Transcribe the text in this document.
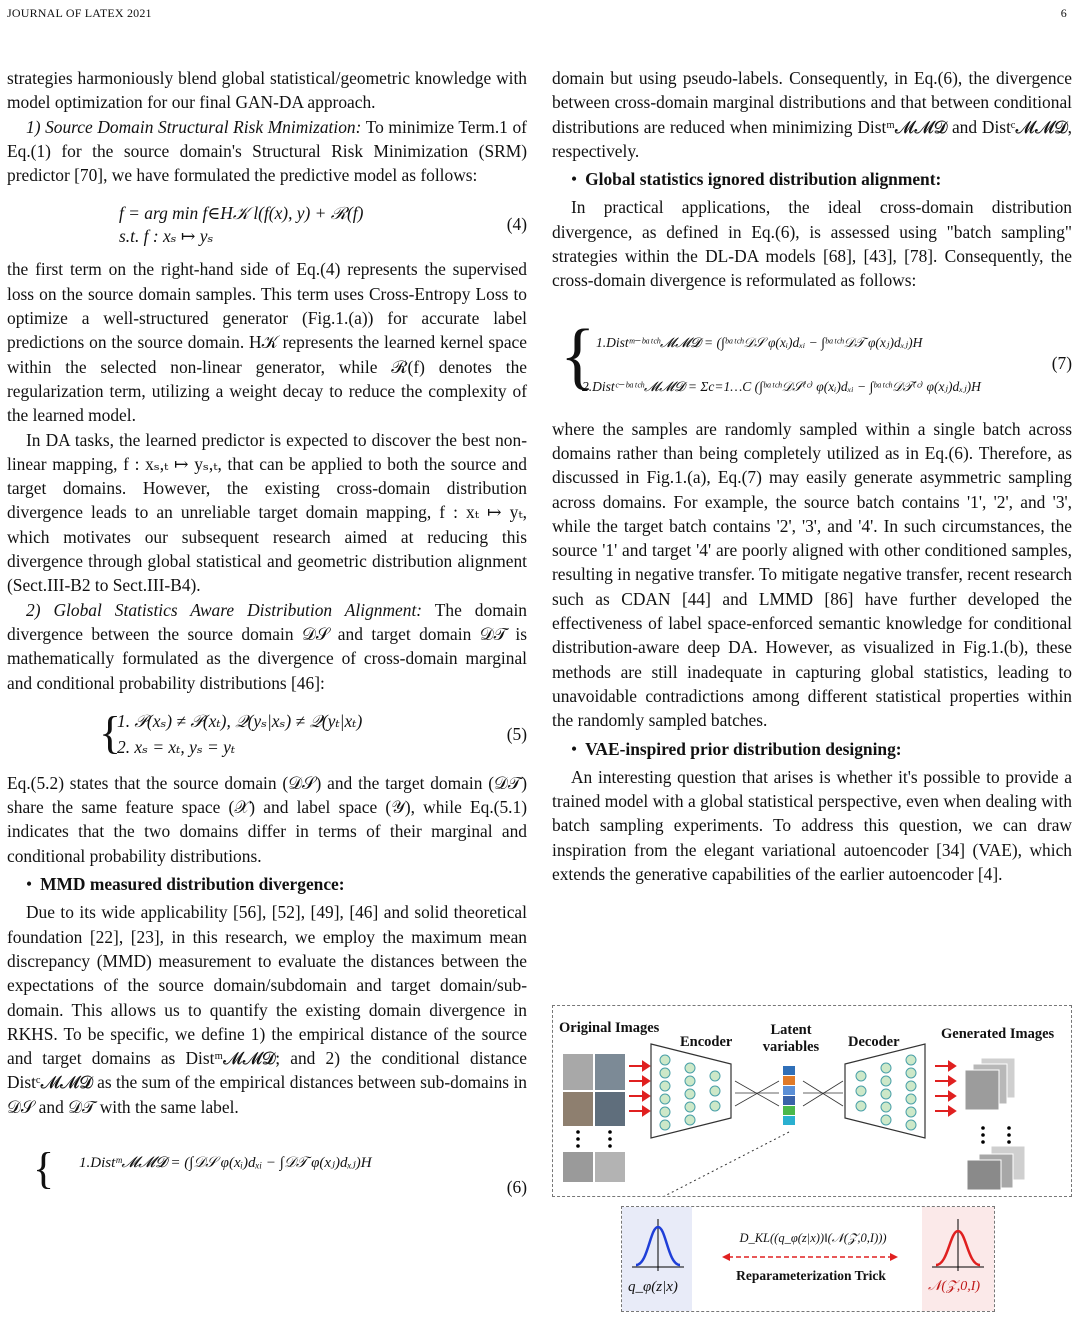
JOURNAL OF LATEX 2021	6

strategies harmoniously blend global statistical/geometric knowledge with model optimization for our final GAN-DA approach.

1) Source Domain Structural Risk Mnimization: To minimize Term.1 of Eq.(1) for the source domain's Structural Risk Minimization (SRM) predictor [70], we have formulated the predictive model as follows:

f = arg min f∈H𝒦 l(f(x), y) + ℛ(f)
s.t. f : xₛ ↦ yₛ
(4)

the first term on the right-hand side of Eq.(4) represents the supervised loss on the source domain samples. This term uses Cross-Entropy Loss to optimize a well-structured generator (Fig.1.(a)) for accurate label predictions on the source domain. H𝒦 represents the learned kernel space within the selected non-linear generator, while ℛ(f) denotes the regularization term, utilizing a weight decay to reduce the complexity of the learned model.

In DA tasks, the learned predictor is expected to discover the best non-linear mapping, f : xₛ,ₜ ↦ yₛ,ₜ, that can be applied to both the source and target domains. However, the existing cross-domain distribution divergence leads to an unreliable target domain mapping, f : xₜ ↦ yₜ, which motivates our subsequent research aimed at reducing this divergence through global statistical and geometric distribution alignment (Sect.III-B2 to Sect.III-B4).

2) Global Statistics Aware Distribution Alignment: The domain divergence between the source domain 𝒟𝒮 and target domain 𝒟𝒯 is mathematically formulated as the divergence of cross-domain marginal and conditional probability distributions [46]:

{
1. 𝒫(xₛ) ≠ 𝒫(xₜ), 𝒬(yₛ|xₛ) ≠ 𝒬(yₜ|xₜ)
2. xₛ = xₜ, yₛ = yₜ
(5)

Eq.(5.2) states that the source domain (𝒟𝒮) and the target domain (𝒟𝒯) share the same feature space (𝒳) and label space (𝒴), while Eq.(5.1) indicates that the two domains differ in terms of their marginal and conditional probability distributions.

• MMD measured distribution divergence:

Due to its wide applicability [56], [52], [49], [46] and solid theoretical foundation [22], [23], in this research, we employ the maximum mean discrepancy (MMD) measurement to evaluate the distances between the expectations of the source domain/subdomain and target domain/sub-domain. This allows us to quantify the existing domain divergence in RKHS. To be specific, we define 1) the empirical distance of the source and target domains as Distᵐ𝓜𝓜𝓓; and 2) the conditional distance Distᶜ𝓜𝓜𝓓 as the sum of the empirical distances between sub-domains in 𝒟𝒮 and 𝒟𝒯 with the same label.

{ 1.Distᵐ𝓜𝓜𝓓 = (∫𝒟𝒮 φ(xᵢ)dₓᵢ − ∫𝒟𝒯 φ(xⱼ)dₓⱼ)H
(6)

domain but using pseudo-labels. Consequently, in Eq.(6), the divergence between cross-domain marginal distributions and that between conditional distributions are reduced when minimizing Distᵐ𝓜𝓜𝓓 and Distᶜ𝓜𝓜𝓓, respectively.

• Global statistics ignored distribution alignment:

In practical applications, the ideal cross-domain distribution divergence, as defined in Eq.(6), is assessed using "batch sampling" strategies within the DL-DA models [68], [43], [78]. Consequently, the cross-domain divergence is reformulated as follows:

{ 1.Distᵐ⁻ᵇᵃᵗᶜʰ𝓜𝓜𝓓 = (∫ᵇᵃᵗᶜʰ𝒟𝒮 φ(xᵢ)dₓᵢ − ∫ᵇᵃᵗᶜʰ𝒟𝒯 φ(xⱼ)dₓⱼ)H
2.Distᶜ⁻ᵇᵃᵗᶜʰ𝓜𝓜𝓓 = Σc=1…C (∫ᵇᵃᵗᶜʰ𝒟𝒮⁽ᶜ⁾ φ(xᵢ)dₓᵢ − ∫ᵇᵃᵗᶜʰ𝒟𝒯⁽ᶜ⁾ φ(xⱼ)dₓⱼ)H
(7)

where the samples are randomly sampled within a single batch across domains rather than being completely utilized as in Eq.(6). Therefore, as discussed in Fig.1.(a), Eq.(7) may easily generate asymmetric sampling across domains. For example, the source batch contains '1', '2', and '3', while the target batch contains '2', '3', and '4'. In such circumstances, the source '1' and target '4' are poorly aligned with other conditioned samples, resulting in negative transfer. To mitigate negative transfer, recent research such as CDAN [44] and LMMD [86] have further developed the effectiveness of label space-enforced semantic knowledge for conditional distribution-aware deep DA. However, as visualized in Fig.1.(b), these methods are still inadequate in capturing global statistics, leading to unavoidable contradictions among different statistical properties within the randomly sampled batches.

• VAE-inspired prior distribution designing:

An interesting question that arises is whether it's possible to provide a trained model with a global statistical perspective, even when dealing with batch sampling experiments. To address this question, we can draw inspiration from the elegant variational autoencoder [34] (VAE), which extends the generative capabilities of the earlier autoencoder [4].

Original Images
Encoder
Latent variables	Decoder	Generated Images
D_KL((q_φ(z|x))‖(𝒩(𝒵,0,I)))
Reparameterization Trick
q_φ(z|x)	𝒩(𝒵,0,I)
